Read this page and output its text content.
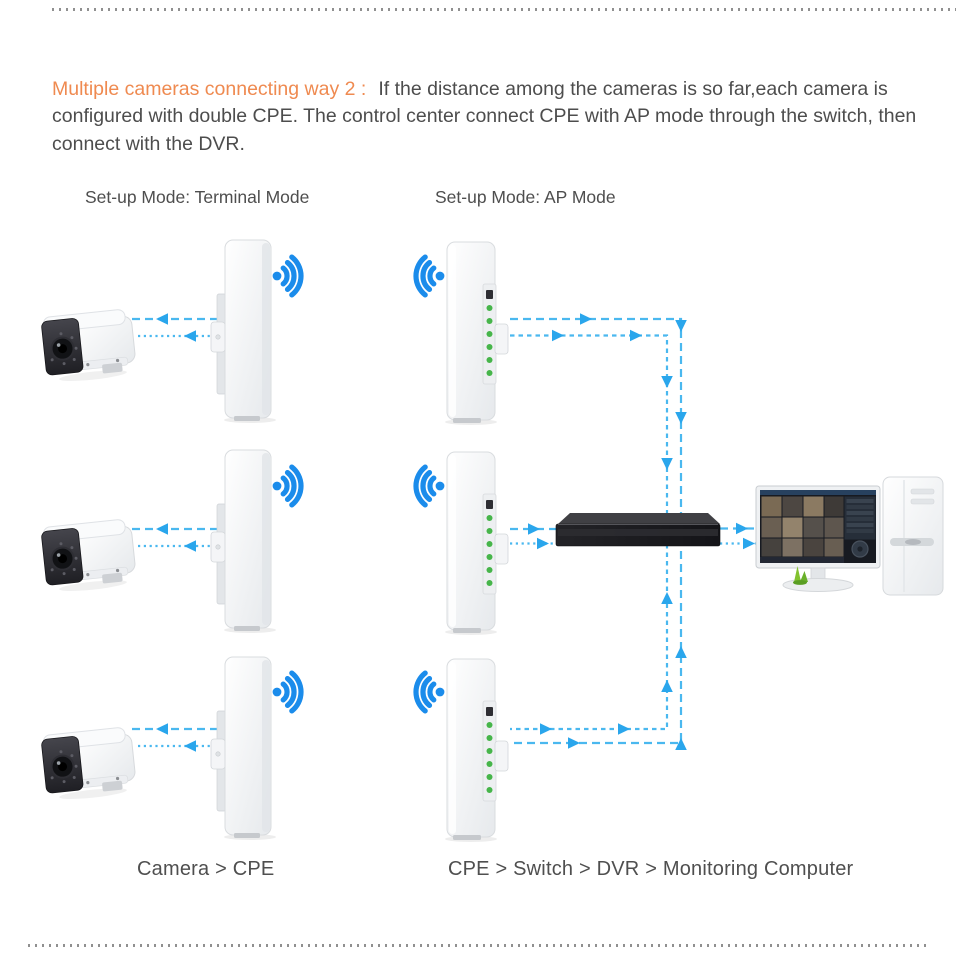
Multiple cameras connecting way 2 : If the distance among the cameras is so far,each camera is configured with double CPE. The control center connect CPE with AP mode through the switch, then connect with the DVR.

Set-up Mode: Terminal Mode	Set-up Mode: AP Mode
Camera > CPE	CPE > Switch > DVR > Monitoring Computer
